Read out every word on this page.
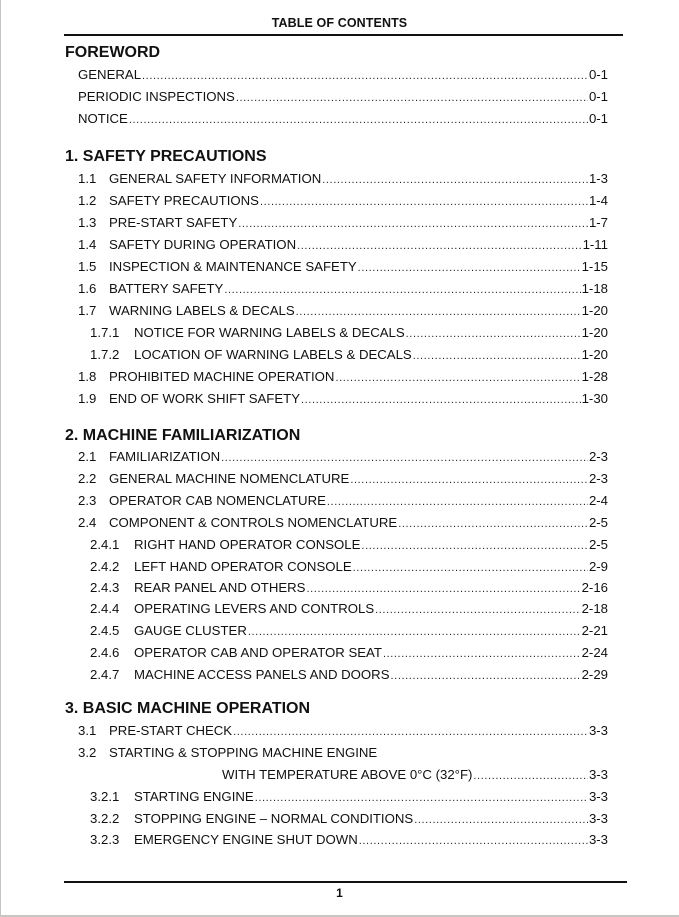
TABLE OF CONTENTS
FOREWORD
GENERAL .....	0-1
PERIODIC INSPECTIONS .....	0-1
NOTICE .....	0-1
1. SAFETY PRECAUTIONS
1.1 GENERAL SAFETY INFORMATION .....	1-3
1.2 SAFETY PRECAUTIONS .....	1-4
1.3 PRE-START SAFETY .....	1-7
1.4 SAFETY DURING OPERATION .....	1-11
1.5 INSPECTION & MAINTENANCE SAFETY .....	1-15
1.6 BATTERY SAFETY .....	1-18
1.7 WARNING LABELS & DECALS .....	1-20
1.7.1	NOTICE FOR WARNING LABELS & DECALS .....	1-20
1.7.2	LOCATION OF WARNING LABELS & DECALS .....	1-20
1.8 PROHIBITED MACHINE OPERATION .....	1-28
1.9 END OF WORK SHIFT SAFETY .....	1-30
2. MACHINE FAMILIARIZATION
2.1 FAMILIARIZATION .....	2-3
2.2 GENERAL MACHINE NOMENCLATURE .....	2-3
2.3 OPERATOR CAB NOMENCLATURE .....	2-4
2.4 COMPONENT & CONTROLS NOMENCLATURE .....	2-5
2.4.1	RIGHT HAND OPERATOR CONSOLE .....	2-5
2.4.2	LEFT HAND OPERATOR CONSOLE .....	2-9
2.4.3	REAR PANEL AND OTHERS .....	2-16
2.4.4	OPERATING LEVERS AND CONTROLS .....	2-18
2.4.5	GAUGE CLUSTER .....	2-21
2.4.6	OPERATOR CAB AND OPERATOR SEAT .....	2-24
2.4.7	MACHINE ACCESS PANELS AND DOORS .....	2-29
3. BASIC MACHINE OPERATION
3.1 PRE-START CHECK .....	3-3
3.2 STARTING & STOPPING MACHINE ENGINE
WITH TEMPERATURE ABOVE 0°C (32°F) .....	3-3
3.2.1	STARTING ENGINE .....	3-3
3.2.2	STOPPING ENGINE – NORMAL CONDITIONS .....	3-3
3.2.3	EMERGENCY ENGINE SHUT DOWN .....	3-3
1
